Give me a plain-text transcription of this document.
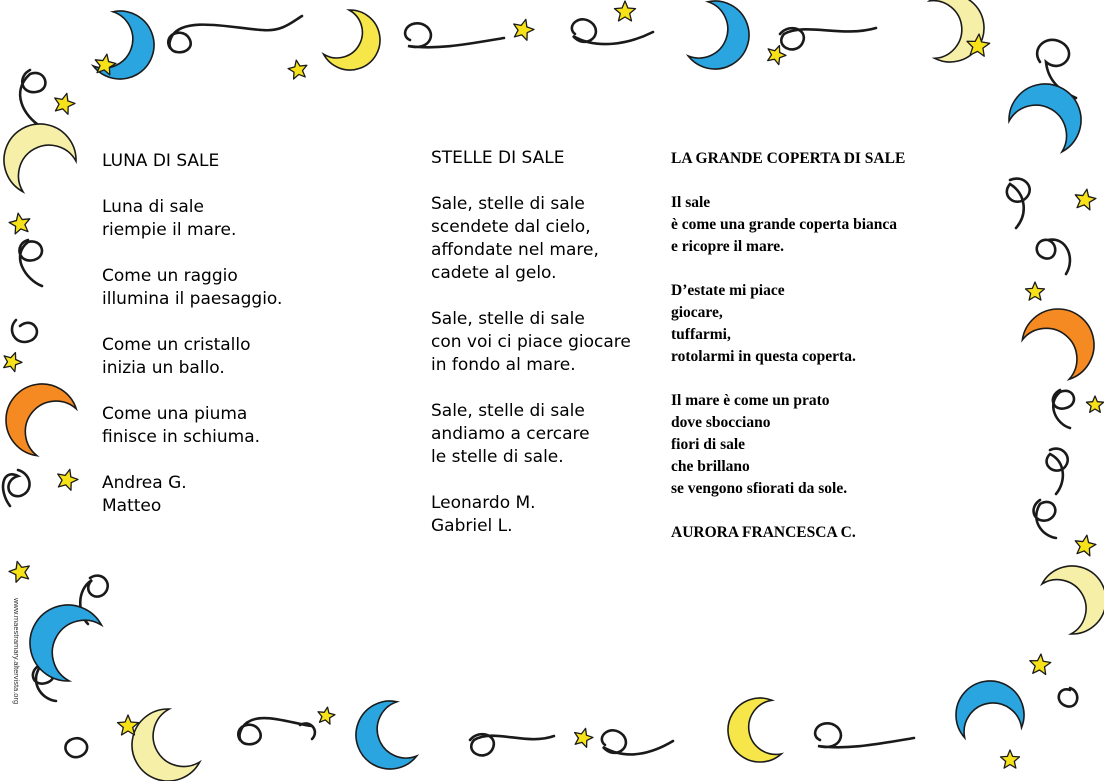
LUNA DI SALE
Luna di sale
riempie il mare.
Come un raggio
illumina il paesaggio.
Come un cristallo
inizia un ballo.
Come una piuma
finisce in schiuma.
Andrea G.
Matteo
STELLE DI SALE
Sale, stelle di sale
scendete dal cielo,
affondate nel mare,
cadete al gelo.
Sale, stelle di sale
con voi ci piace giocare
in fondo al mare.
Sale, stelle di sale
andiamo a cercare
le stelle di sale.
Leonardo M.
Gabriel L.
LA GRANDE COPERTA DI SALE
Il sale
è come una grande coperta bianca
e ricopre il mare.
D’estate mi piace
giocare,
tuffarmi,
rotolarmi in questa coperta.
Il mare è come un prato
dove sbocciano
fiori di sale
che brillano
se vengono sfiorati da sole.
AURORA FRANCESCA C.
www.maestramary.altervista.org
